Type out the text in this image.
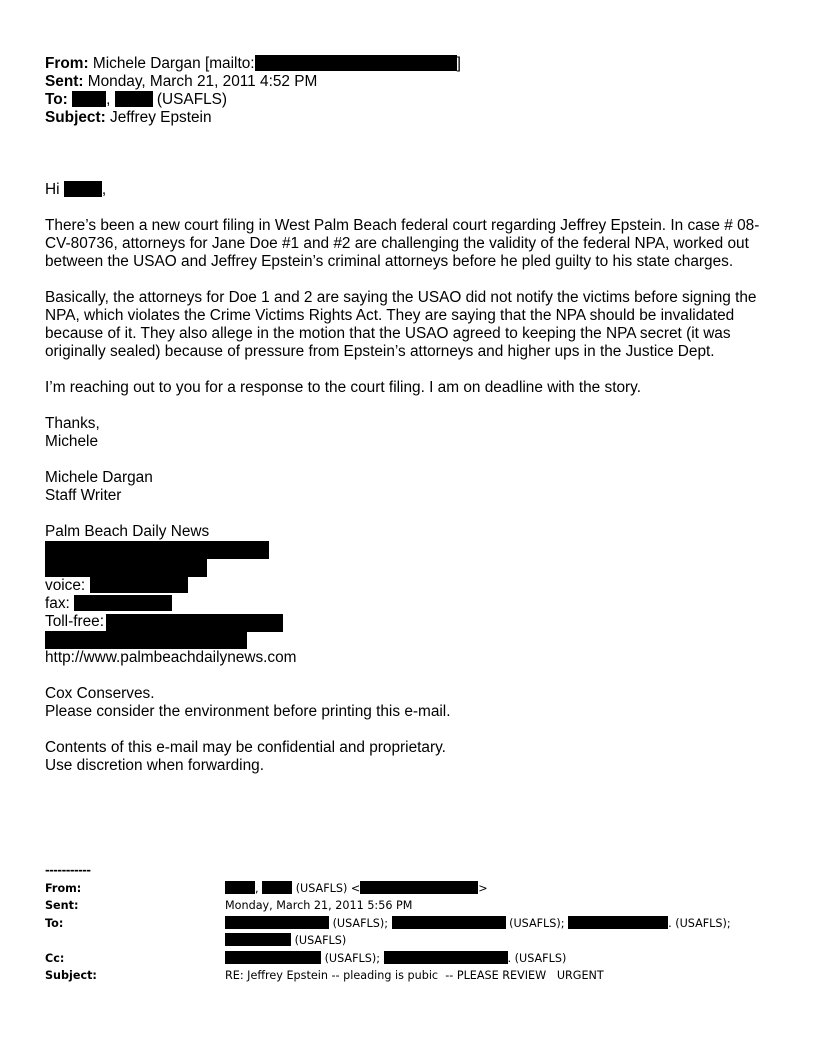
From: Michele Dargan [mailto:	]
Sent: Monday, March 21, 2011 4:52 PM
To: ,	(USAFLS)
Subject: Jeffrey Epstein
Hi	,

There’s been a new court filing in West Palm Beach federal court regarding Jeffrey Epstein. In case # 08-CV-80736, attorneys for Jane Doe #1 and #2 are challenging the validity of the federal NPA, worked out between the USAO and Jeffrey Epstein’s criminal attorneys before he pled guilty to his state charges.

Basically, the attorneys for Doe 1 and 2 are saying the USAO did not notify the victims before signing the NPA, which violates the Crime Victims Rights Act. They are saying that the NPA should be invalidated because of it. They also allege in the motion that the USAO agreed to keeping the NPA secret (it was originally sealed) because of pressure from Epstein’s attorneys and higher ups in the Justice Dept.

I’m reaching out to you for a response to the court filing. I am on deadline with the story.

Thanks,
Michele
Michele Dargan
Staff Writer
Palm Beach Daily News
voice:
fax:
Toll-free:
http://www.palmbeachdailynews.com
Cox Conserves.
Please consider the environment before printing this e-mail.
Contents of this e-mail may be confidential and proprietary.
Use discretion when forwarding.
-----------
From:	,	(USAFLS) <	>
Sent:	Monday, March 21, 2011 5:56 PM
To:	(USAFLS);	(USAFLS);	. (USAFLS);
(USAFLS)
Cc:	(USAFLS);	. (USAFLS)
Subject:	RE: Jeffrey Epstein -- pleading is pubic  -- PLEASE REVIEW   URGENT
